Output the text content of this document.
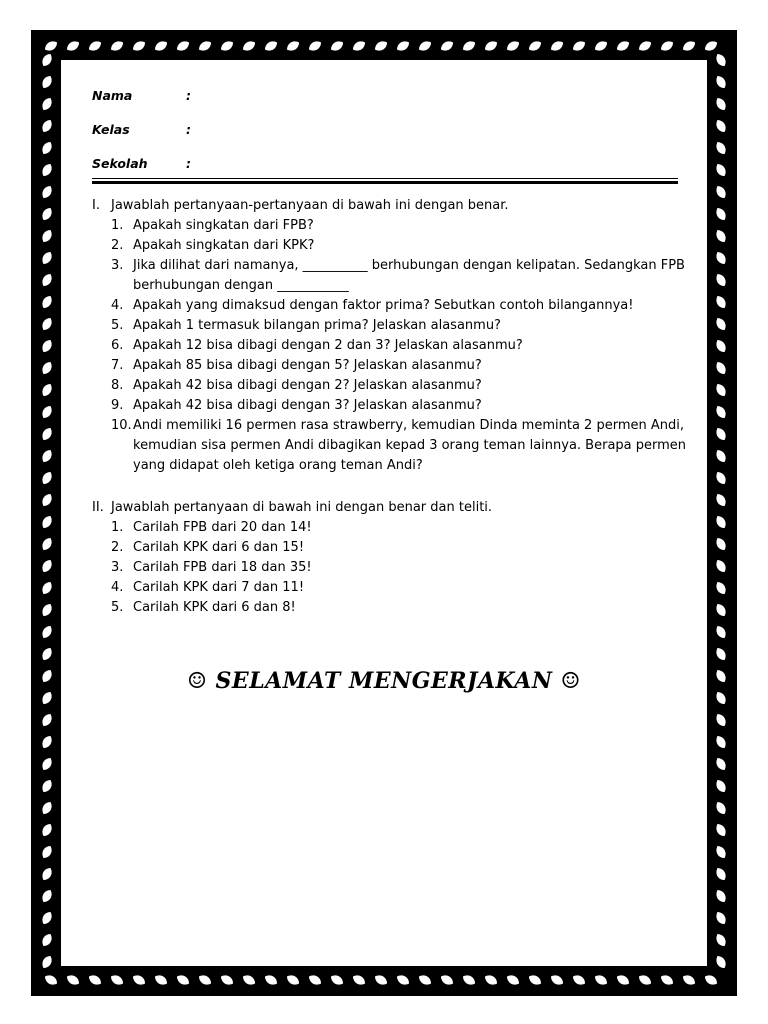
Nama	:
Kelas	:
Sekolah	:
I. Jawablah pertanyaan-pertanyaan di bawah ini dengan benar.
1. Apakah singkatan dari FPB?
2. Apakah singkatan dari KPK?
3. Jika dilihat dari namanya, __________ berhubungan dengan kelipatan. Sedangkan FPB berhubungan dengan ___________
4. Apakah yang dimaksud dengan faktor prima? Sebutkan contoh bilangannya!
5. Apakah 1 termasuk bilangan prima? Jelaskan alasanmu?
6. Apakah 12 bisa dibagi dengan 2 dan 3? Jelaskan alasanmu?
7. Apakah 85 bisa dibagi dengan 5? Jelaskan alasanmu?
8. Apakah 42 bisa dibagi dengan 2? Jelaskan alasanmu?
9. Apakah 42 bisa dibagi dengan 3? Jelaskan alasanmu?
10. Andi memiliki 16 permen rasa strawberry, kemudian Dinda meminta 2 permen Andi, kemudian sisa permen Andi dibagikan kepad 3 orang teman lainnya. Berapa permen yang didapat oleh ketiga orang teman Andi?
II. Jawablah pertanyaan di bawah ini dengan benar dan teliti.
1. Carilah FPB dari 20 dan 14!
2. Carilah KPK dari 6 dan 15!
3. Carilah FPB dari 18 dan 35!
4. Carilah KPK dari 7 dan 11!
5. Carilah KPK dari 6 dan 8!
☺ SELAMAT MENGERJAKAN ☺
